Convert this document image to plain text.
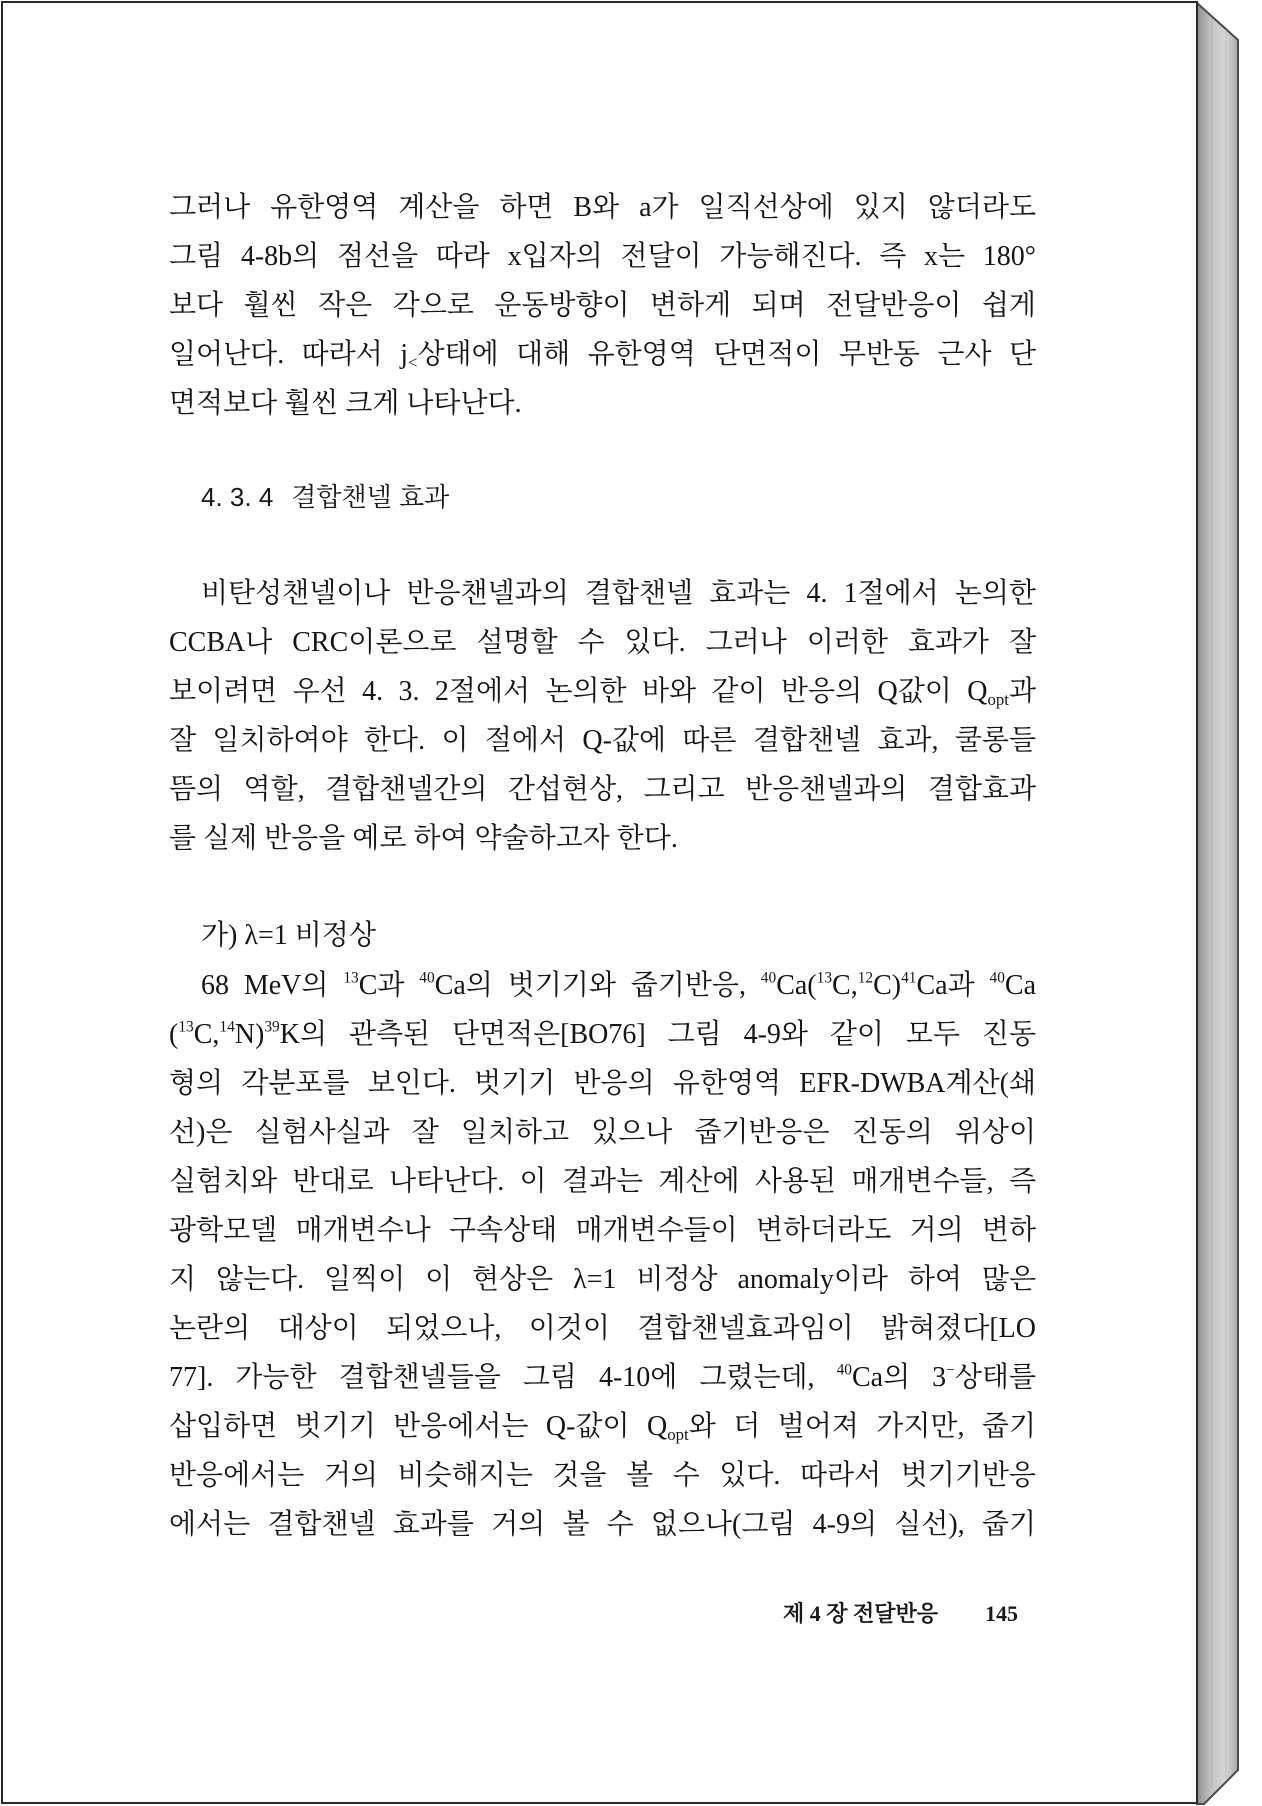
그러나 유한영역 계산을 하면 B와 a가 일직선상에 있지 않더라도
그림 4-8b의 점선을 따라 x입자의 전달이 가능해진다. 즉 x는 180°
보다 훨씬 작은 각으로 운동방향이 변하게 되며 전달반응이 쉽게
일어난다. 따라서 $j_<$상태에 대해 유한영역 단면적이 무반동 근사 단
면적보다 훨씬 크게 나타난다.
4. 3. 4 결합챈넬 효과
비탄성챈넬이나 반응챈넬과의 결합챈넬 효과는 4. 1절에서 논의한
CCBA나 CRC이론으로 설명할 수 있다. 그러나 이러한 효과가 잘
보이려면 우선 4. 3. 2절에서 논의한 바와 같이 반응의 Q값이 $Q_{opt}$과
잘 일치하여야 한다. 이 절에서 Q-값에 따른 결합챈넬 효과, 쿨롱들
뜸의 역할, 결합챈넬간의 간섭현상, 그리고 반응챈넬과의 결합효과
를 실제 반응을 예로 하여 약술하고자 한다.
가) λ=1 비정상
68 MeV의 $^{13}$C과 $^{40}$Ca의 벗기기와 줍기반응, $^{40}Ca(^{13}C,^{12}C)^{41}Ca$과 $^{40}$Ca
$(^{13}C,^{14}N)^{39}K$의 관측된 단면적은[BO76] 그림 4-9와 같이 모두 진동
형의 각분포를 보인다. 벗기기 반응의 유한영역 EFR-DWBA계산(쇄
선)은 실험사실과 잘 일치하고 있으나 줍기반응은 진동의 위상이
실험치와 반대로 나타난다. 이 결과는 계산에 사용된 매개변수들, 즉
광학모델 매개변수나 구속상태 매개변수들이 변하더라도 거의 변하
지 않는다. 일찍이 이 현상은 λ=1 비정상 anomaly이라 하여 많은
논란의 대상이 되었으나, 이것이 결합챈넬효과임이 밝혀졌다[LO
77]. 가능한 결합챈넬들을 그림 4-10에 그렸는데, $^{40}$Ca의 3−상태를
삽입하면 벗기기 반응에서는 Q-값이 $Q_{opt}$와 더 벌어져 가지만, 줍기
반응에서는 거의 비슷해지는 것을 볼 수 있다. 따라서 벗기기반응
에서는 결합챈넬 효과를 거의 볼 수 없으나(그림 4-9의 실선), 줍기
제 4 장 전달반응 145
